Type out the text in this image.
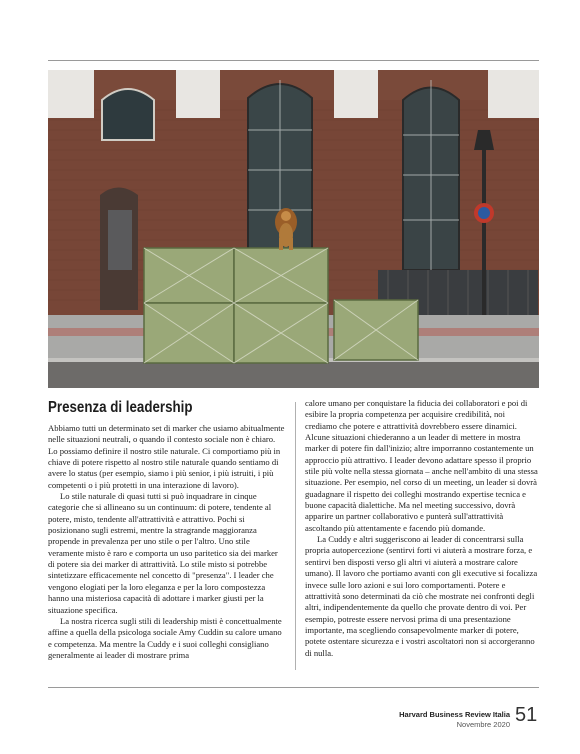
Presenza di leadership

Abbiamo tutti un determinato set di marker che usiamo abitualmente nelle situazioni neutrali, o quando il contesto sociale non è chiaro. Lo possiamo definire il nostro stile naturale. Ci comportiamo più in chiave di potere rispetto al nostro stile naturale quando sentiamo di avere lo status (per esempio, siamo i più senior, i più istruiti, i più competenti o i più protetti in una interazione di lavoro).

Lo stile naturale di quasi tutti si può inquadrare in cinque categorie che si allineano su un continuum: di potere, tendente al potere, misto, tendente all'attrattività e attrattivo. Pochi si posizionano sugli estremi, mentre la stragrande maggioranza propende in prevalenza per uno stile o per l'altro. Uno stile veramente misto è raro e comporta un uso paritetico sia dei marker di potere sia dei marker di attrattività. Lo stile misto si potrebbe sintetizzare efficacemente nel concetto di "presenza". I leader che vengono elogiati per la loro eleganza e per la loro compostezza hanno una misteriosa capacità di adottare i marker giusti per la situazione specifica.

La nostra ricerca sugli stili di leadership misti è concettualmente affine a quella della psicologa sociale Amy Cuddin su calore umano e competenza. Ma mentre la Cuddy e i suoi colleghi consigliano generalmente ai leader di mostrare prima

calore umano per conquistare la fiducia dei collaboratori e poi di esibire la propria competenza per acquisire credibilità, noi crediamo che potere e attrattività dovrebbero essere dinamici. Alcune situazioni chiederanno a un leader di mettere in mostra marker di potere fin dall'inizio; altre imporranno costantemente un approccio più attrattivo. I leader devono adattare spesso il proprio stile più volte nella stessa giornata – anche nell'ambito di una stessa situazione. Per esempio, nel corso di un meeting, un leader si dovrà guadagnare il rispetto dei colleghi mostrando expertise tecnica e buone capacità dialettiche. Ma nel meeting successivo, dovrà apparire un partner collaborativo e punterà sull'attrattività ascoltando più attentamente e facendo più domande.

La Cuddy e altri suggeriscono ai leader di concentrarsi sulla propria autopercezione (sentirvi forti vi aiuterà a mostrare forza, e sentirvi ben disposti verso gli altri vi aiuterà a mostrare calore umano). Il lavoro che portiamo avanti con gli executive si focalizza invece sulle loro azioni e sui loro comportamenti. Potere e attrattività sono determinati da ciò che mostrate nei confronti degli altri, indipendentemente da quello che provate dentro di voi. Per esempio, potreste essere nervosi prima di una presentazione importante, ma scegliendo consapevolmente marker di potere, potete ostentare sicurezza e i vostri ascoltatori non si accorgeranno di nulla.

Harvard Business Review Italia
Novembre 2020 51
